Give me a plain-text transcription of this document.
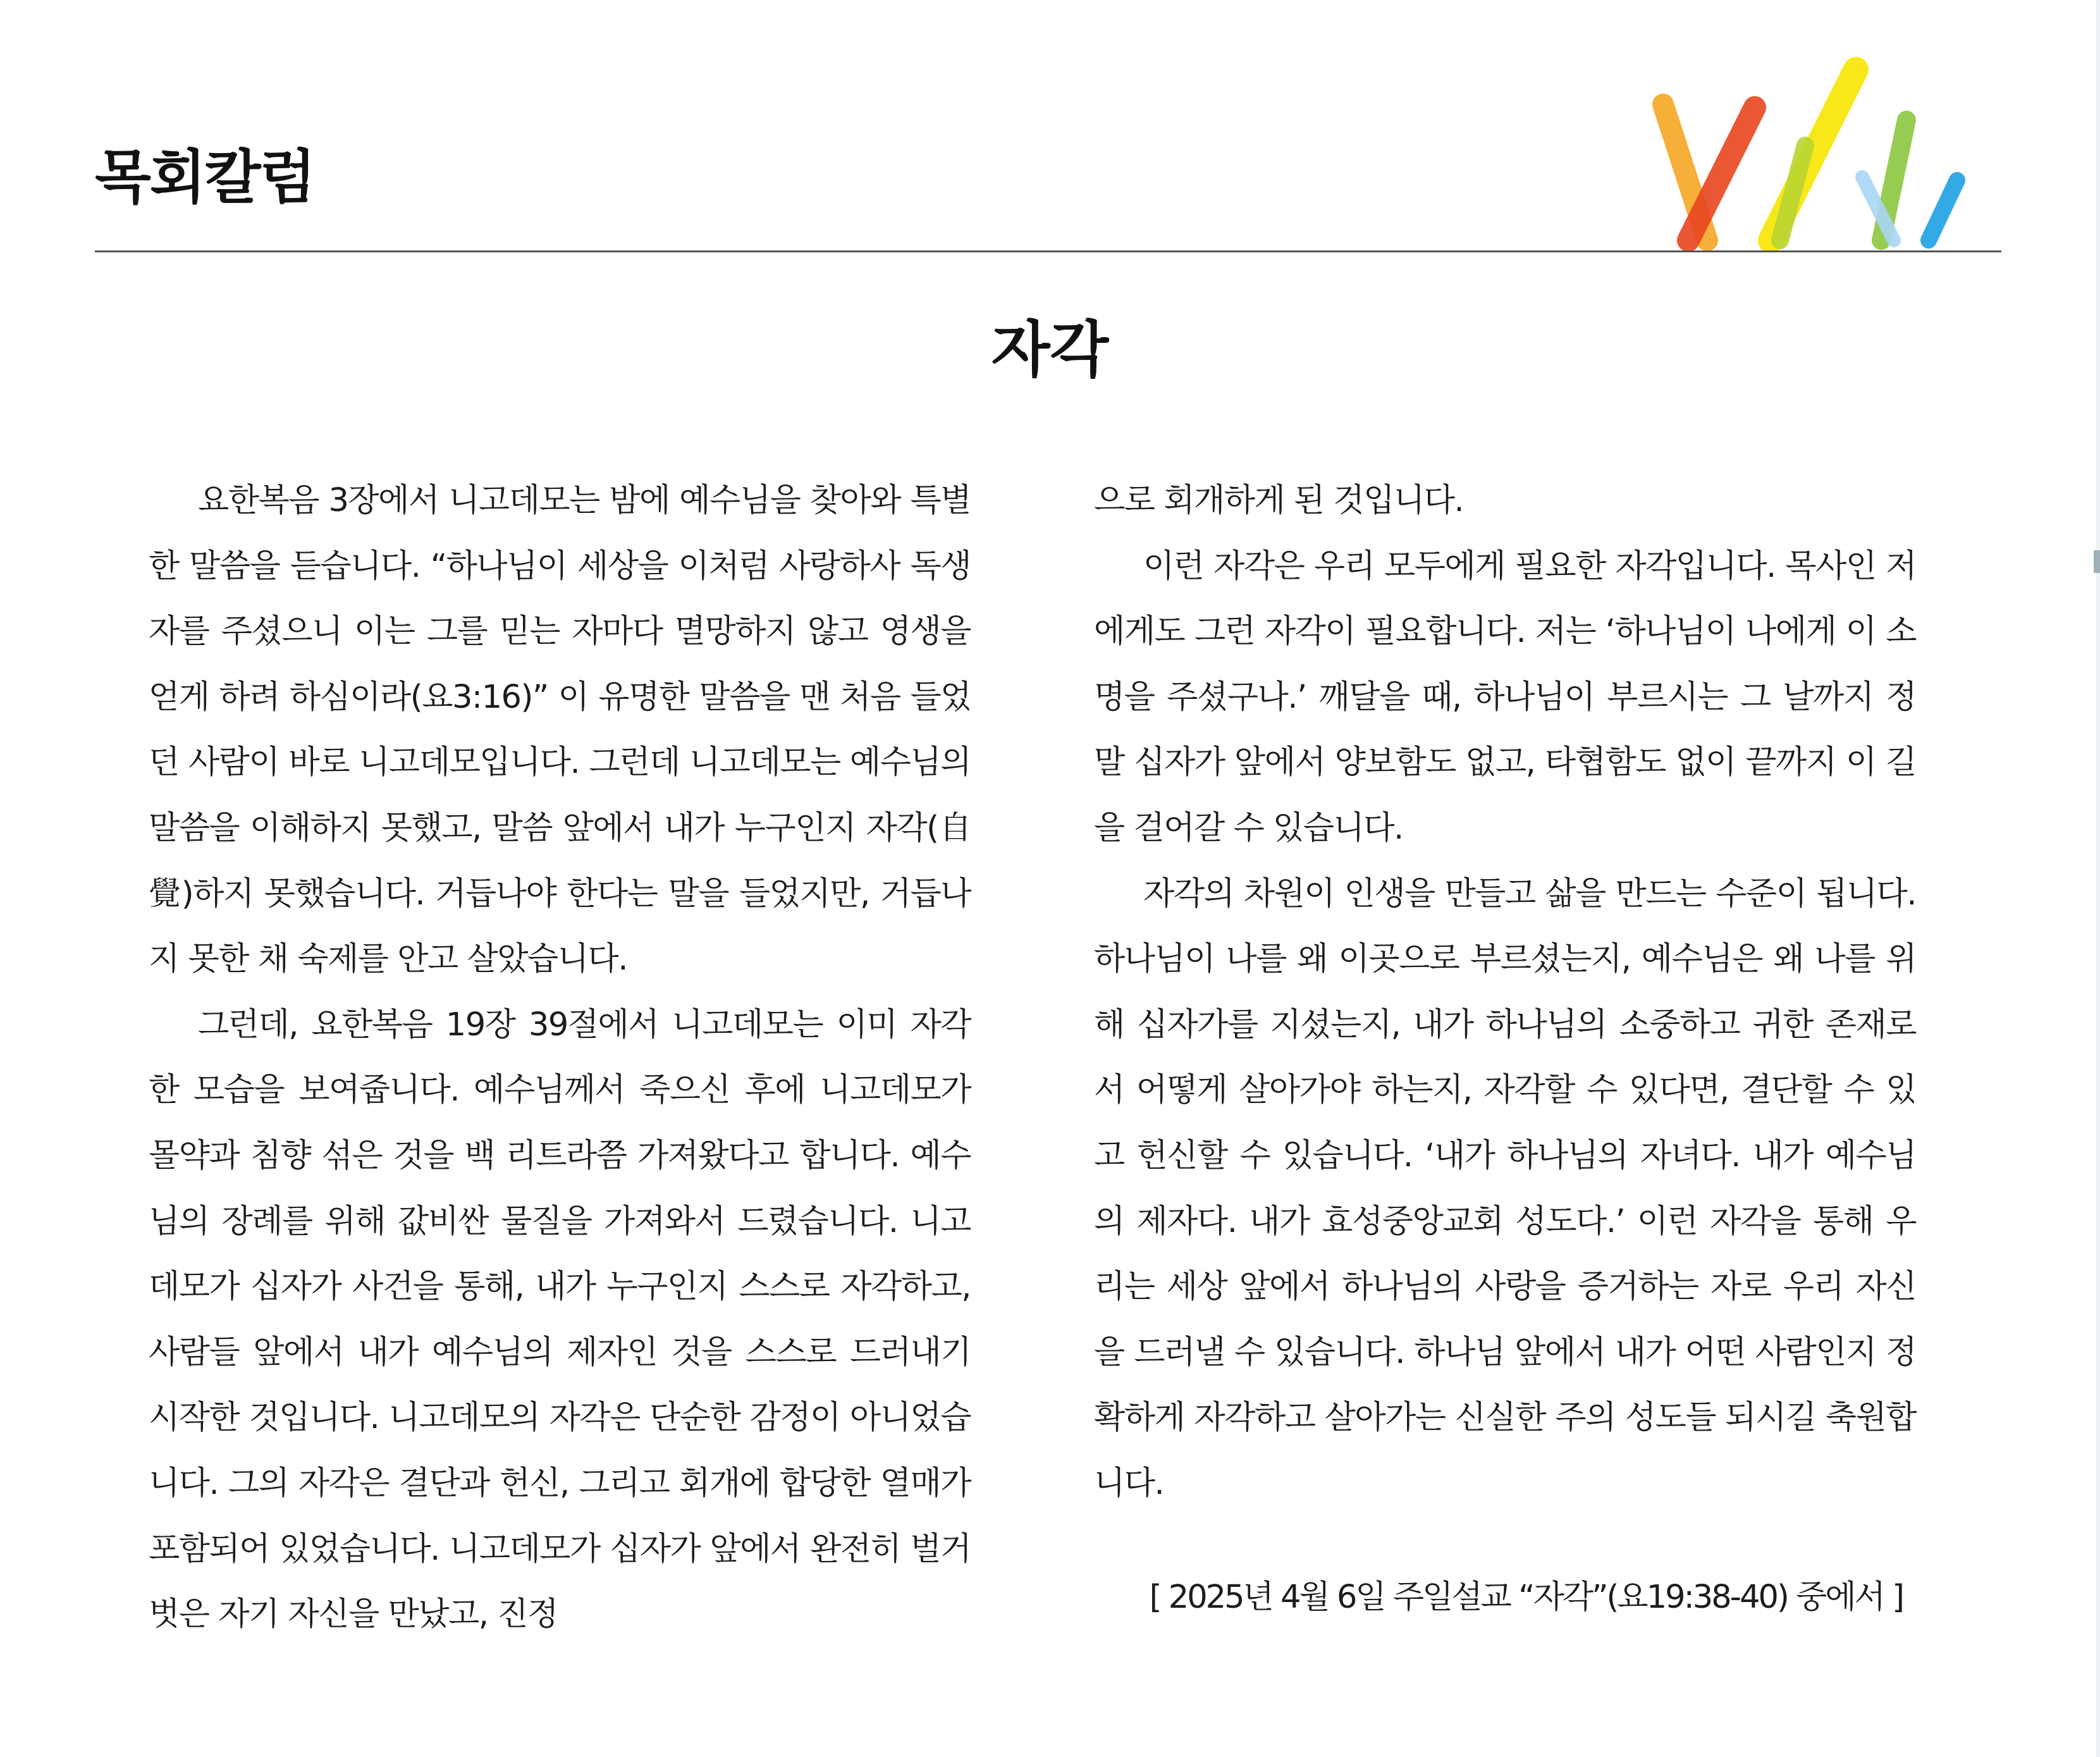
목회칼럼
자각

요한복음 3장에서 니고데모는 밤에 예수님을 찾아와 특별한 말씀을 듣습니다. “하나님이 세상을 이처럼 사랑하사 독생자를 주셨으니 이는 그를 믿는 자마다 멸망하지 않고 영생을 얻게 하려 하심이라(요3:16)” 이 유명한 말씀을 맨 처음 들었던 사람이 바로 니고데모입니다. 그런데 니고데모는 예수님의 말씀을 이해하지 못했고, 말씀 앞에서 내가 누구인지 자각(自覺)하지 못했습니다. 거듭나야 한다는 말을 들었지만, 거듭나지 못한 채 숙제를 안고 살았습니다.

그런데, 요한복음 19장 39절에서 니고데모는 이미 자각한 모습을 보여줍니다. 예수님께서 죽으신 후에 니고데모가 몰약과 침향 섞은 것을 백 리트라쯤 가져왔다고 합니다. 예수님의 장례를 위해 값비싼 물질을 가져와서 드렸습니다. 니고데모가 십자가 사건을 통해, 내가 누구인지 스스로 자각하고, 사람들 앞에서 내가 예수님의 제자인 것을 스스로 드러내기 시작한 것입니다. 니고데모의 자각은 단순한 감정이 아니었습니다. 그의 자각은 결단과 헌신, 그리고 회개에 합당한 열매가 포함되어 있었습니다. 니고데모가 십자가 앞에서 완전히 벌거벗은 자기 자신을 만났고, 진정

으로 회개하게 된 것입니다.

이런 자각은 우리 모두에게 필요한 자각입니다. 목사인 저에게도 그런 자각이 필요합니다. 저는 ‘하나님이 나에게 이 소명을 주셨구나.’ 깨달을 때, 하나님이 부르시는 그 날까지 정말 십자가 앞에서 양보함도 없고, 타협함도 없이 끝까지 이 길을 걸어갈 수 있습니다.

자각의 차원이 인생을 만들고 삶을 만드는 수준이 됩니다. 하나님이 나를 왜 이곳으로 부르셨는지, 예수님은 왜 나를 위해 십자가를 지셨는지, 내가 하나님의 소중하고 귀한 존재로서 어떻게 살아가야 하는지, 자각할 수 있다면, 결단할 수 있고 헌신할 수 있습니다. ‘내가 하나님의 자녀다. 내가 예수님의 제자다. 내가 효성중앙교회 성도다.’ 이런 자각을 통해 우리는 세상 앞에서 하나님의 사랑을 증거하는 자로 우리 자신을 드러낼 수 있습니다. 하나님 앞에서 내가 어떤 사람인지 정확하게 자각하고 살아가는 신실한 주의 성도들 되시길 축원합니다.

[ 2025년 4월 6일 주일설교 “자각”(요19:38-40) 중에서 ]
